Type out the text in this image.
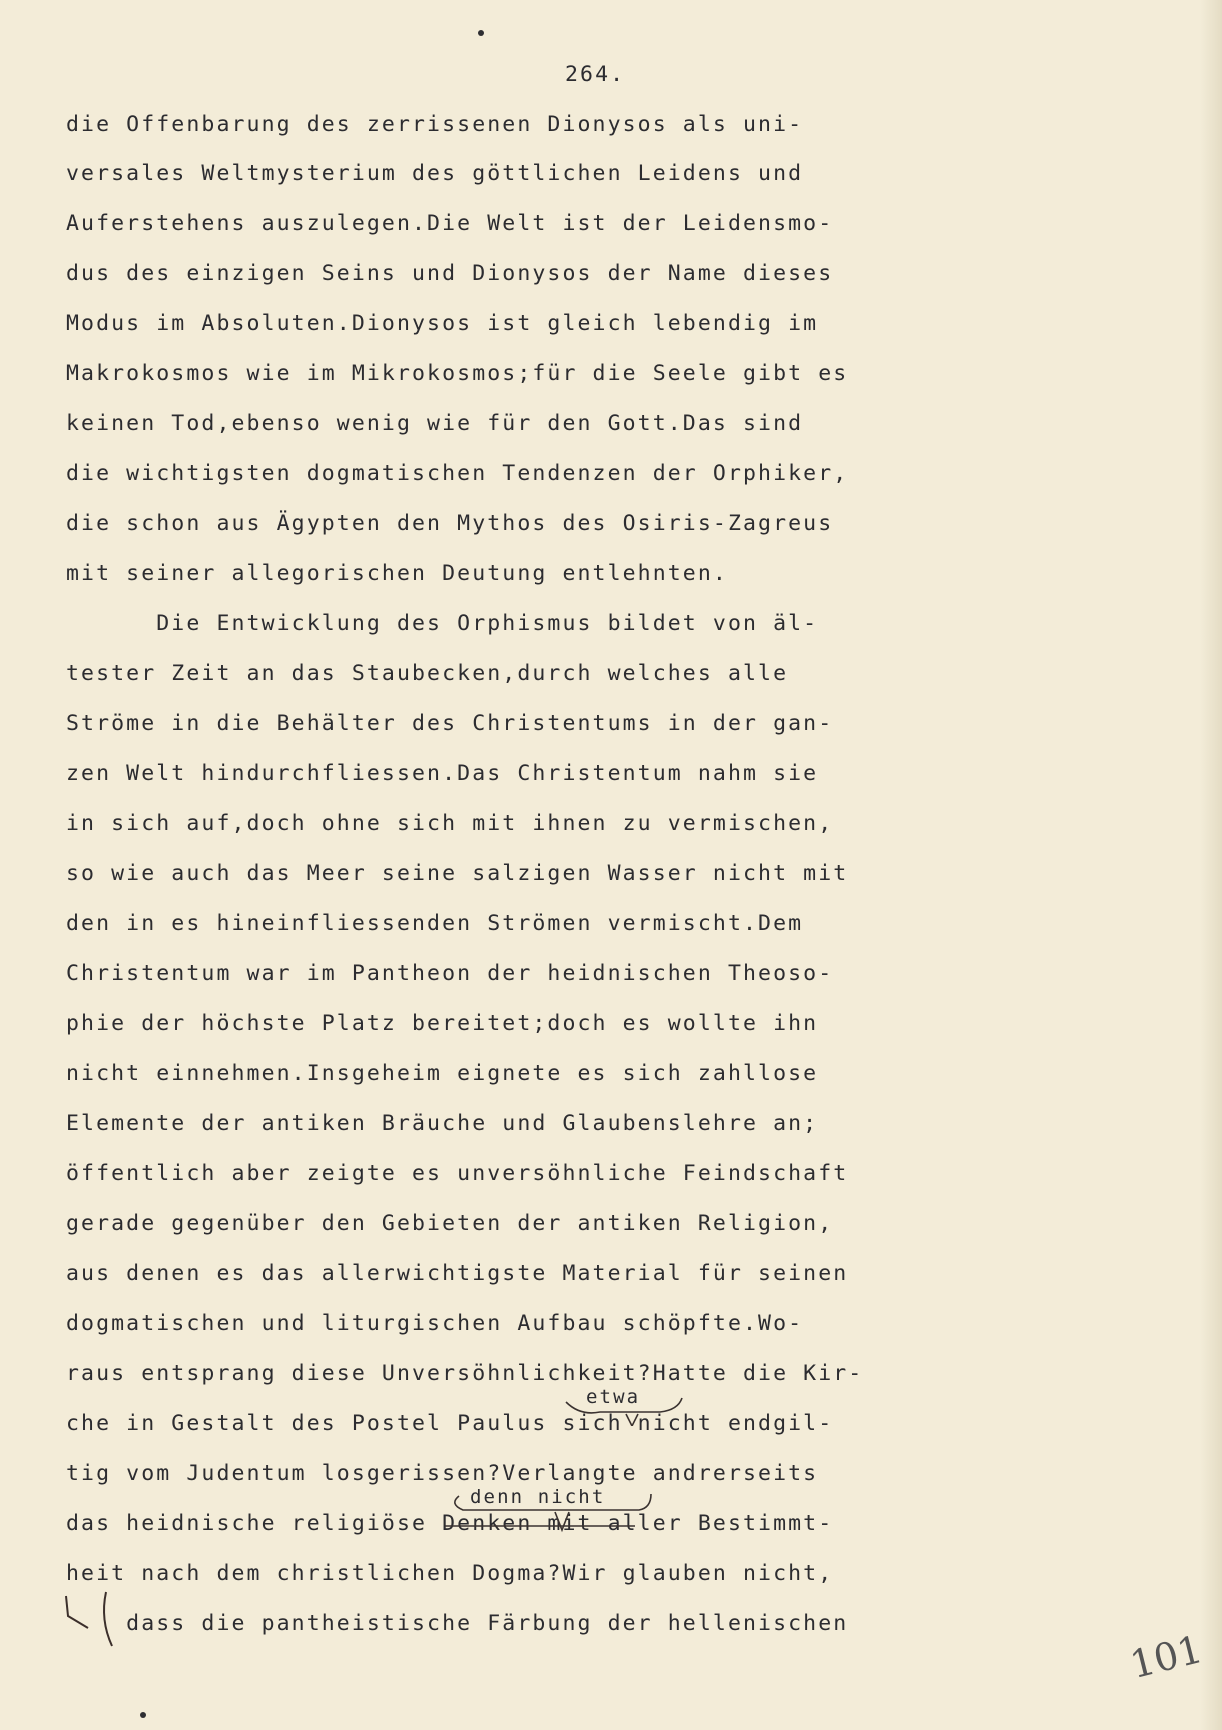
264.
die Offenbarung des zerrissenen Dionysos als uni-
versales Weltmysterium des göttlichen Leidens und
Auferstehens auszulegen.Die Welt ist der Leidensmo-
dus des einzigen Seins und Dionysos der Name dieses
Modus im Absoluten.Dionysos ist gleich lebendig im
Makrokosmos wie im Mikrokosmos;für die Seele gibt es
keinen Tod,ebenso wenig wie für den Gott.Das sind
die wichtigsten dogmatischen Tendenzen der Orphiker,
die schon aus Ägypten den Mythos des Osiris-Zagreus
mit seiner allegorischen Deutung entlehnten.
Die Entwicklung des Orphismus bildet von äl-
tester Zeit an das Staubecken,durch welches alle
Ströme in die Behälter des Christentums in der gan-
zen Welt hindurchfliessen.Das Christentum nahm sie
in sich auf,doch ohne sich mit ihnen zu vermischen,
so wie auch das Meer seine salzigen Wasser nicht mit
den in es hineinfliessenden Strömen vermischt.Dem
Christentum war im Pantheon der heidnischen Theoso-
phie der höchste Platz bereitet;doch es wollte ihn
nicht einnehmen.Insgeheim eignete es sich zahllose
Elemente der antiken Bräuche und Glaubenslehre an;
öffentlich aber zeigte es unversöhnliche Feindschaft
gerade gegenüber den Gebieten der antiken Religion,
aus denen es das allerwichtigste Material für seinen
dogmatischen und liturgischen Aufbau schöpfte.Wo-
raus entsprang diese Unversöhnlichkeit?Hatte die Kir-
che in Gestalt des Postel Paulus sich nicht endgil-
tig vom Judentum losgerissen?Verlangte andrerseits
das heidnische religiöse Denken mit aller Bestimmt-
heit nach dem christlichen Dogma?Wir glauben nicht,
dass die pantheistische Färbung der hellenischen
etwa
denn nicht
101
